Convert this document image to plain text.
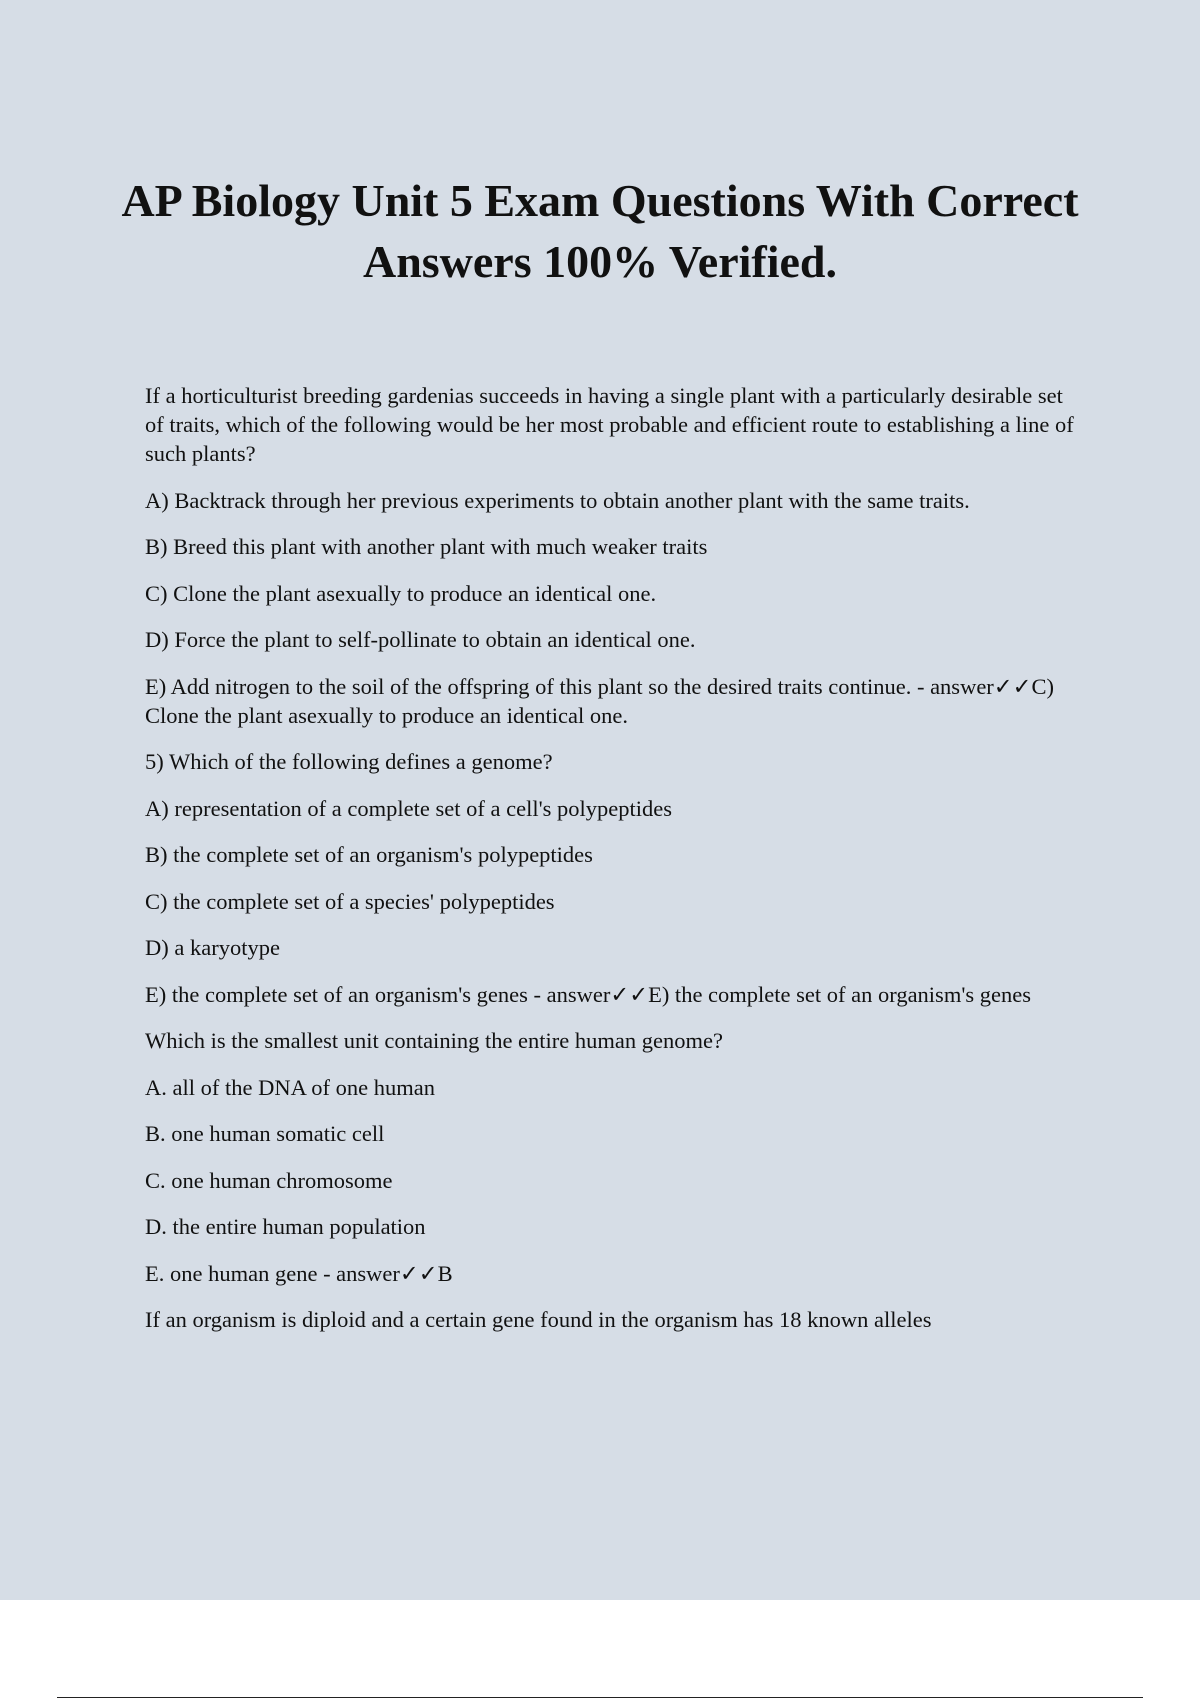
AP Biology Unit 5 Exam Questions With Correct Answers 100% Verified.

If a horticulturist breeding gardenias succeeds in having a single plant with a particularly desirable set of traits, which of the following would be her most probable and efficient route to establishing a line of such plants?

A) Backtrack through her previous experiments to obtain another plant with the same traits.

B) Breed this plant with another plant with much weaker traits

C) Clone the plant asexually to produce an identical one.

D) Force the plant to self-pollinate to obtain an identical one.

E) Add nitrogen to the soil of the offspring of this plant so the desired traits continue. - answer✓✓C) Clone the plant asexually to produce an identical one.

5) Which of the following defines a genome?

A) representation of a complete set of a cell's polypeptides

B) the complete set of an organism's polypeptides

C) the complete set of a species' polypeptides

D) a karyotype

E) the complete set of an organism's genes - answer✓✓E) the complete set of an organism's genes

Which is the smallest unit containing the entire human genome?

A. all of the DNA of one human

B. one human somatic cell

C. one human chromosome

D. the entire human population

E. one human gene - answer✓✓B

If an organism is diploid and a certain gene found in the organism has 18 known alleles
